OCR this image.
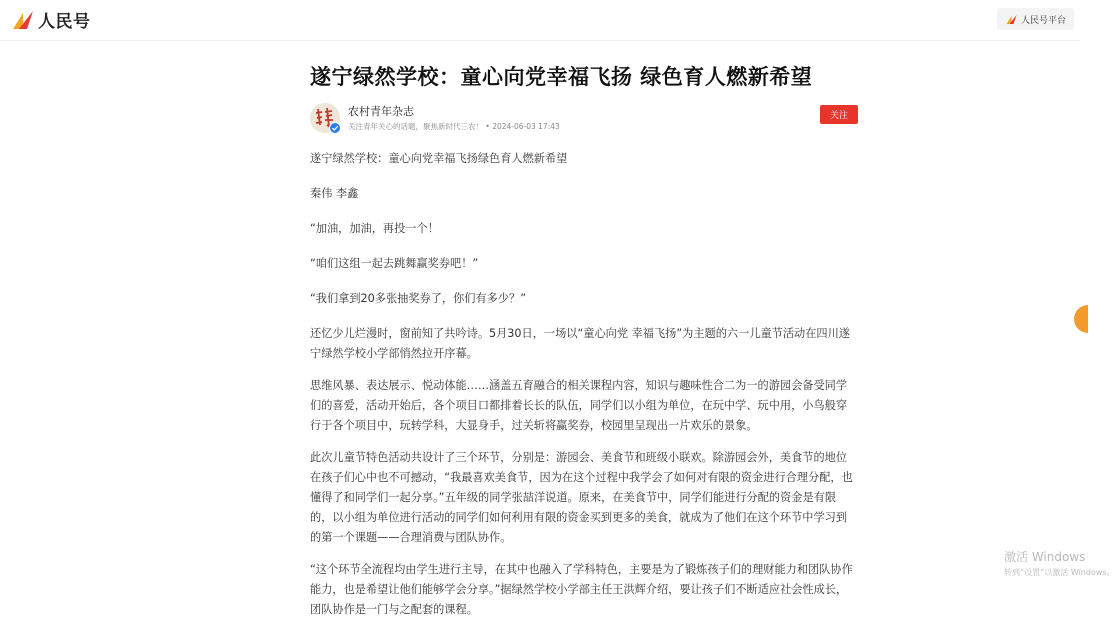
人民号	人民号平台
遂宁绿然学校：童心向党幸福飞扬 绿色育人燃新希望
农村青年杂志
关注青年关心的话题，聚焦新时代三农！ • 2024-06-03 17:43
关注

遂宁绿然学校：童心向党幸福飞扬绿色育人燃新希望

秦伟 李鑫

“加油，加油，再投一个！

“咱们这组一起去跳舞赢奖券吧！”

“我们拿到20多张抽奖券了，你们有多少？”

还忆少儿烂漫时，窗前知了共吟诗。5月30日，一场以“童心向党 幸福飞扬”为主题的六一儿童节活动在四川遂宁绿然学校小学部悄然拉开序幕。

思维风暴、表达展示、悦动体能……涵盖五育融合的相关课程内容，知识与趣味性合二为一的游园会备受同学们的喜爱，活动开始后，各个项目口都排着长长的队伍，同学们以小组为单位，在玩中学、玩中用，小鸟般穿行于各个项目中，玩转学科，大显身手，过关斩将赢奖券，校园里呈现出一片欢乐的景象。

此次儿童节特色活动共设计了三个环节，分别是：游园会、美食节和班级小联欢。除游园会外，美食节的地位在孩子们心中也不可撼动，“我最喜欢美食节，因为在这个过程中我学会了如何对有限的资金进行合理分配，也懂得了和同学们一起分享。”五年级的同学张喆洋说道。原来，在美食节中，同学们能进行分配的资金是有限的，以小组为单位进行活动的同学们如何利用有限的资金买到更多的美食，就成为了他们在这个环节中学习到的第一个课题——合理消费与团队协作。

“这个环节全流程均由学生进行主导，在其中也融入了学科特色，主要是为了锻炼孩子们的理财能力和团队协作能力，也是希望让他们能够学会分享。”据绿然学校小学部主任王洪辉介绍，要让孩子们不断适应社会性成长，团队协作是一门与之配套的课程。

激活 Windows
转到“设置”以激活 Windows。
